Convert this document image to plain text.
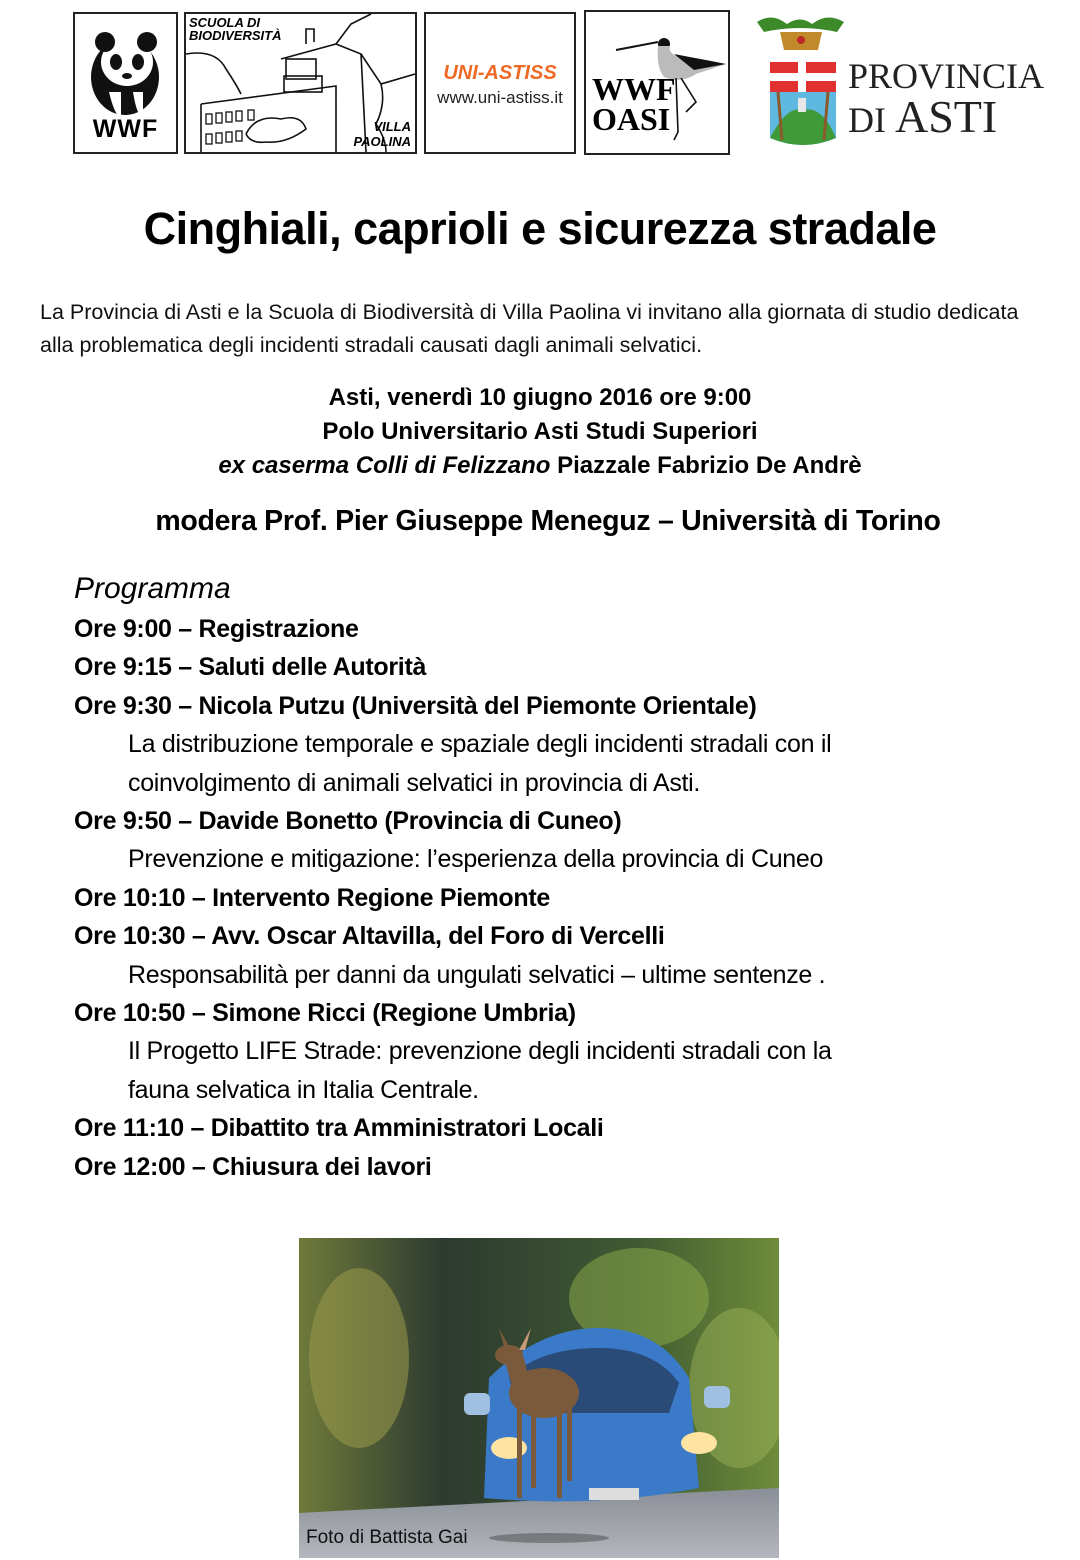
WWF
SCUOLA DI
BIODIVERSITÀ
VILLA
PAOLINA
UNI-ASTISS
www.uni-astiss.it WWF
OASI
PROVINCIA
DI ASTI
Cinghiali, caprioli e sicurezza stradale
La Provincia di Asti e la Scuola di Biodiversità di Villa Paolina vi invitano alla giornata di studio dedicata alla problematica degli incidenti stradali causati dagli animali selvatici.
Asti, venerdì 10 giugno 2016 ore 9:00
Polo Universitario Asti Studi Superiori
ex caserma Colli di Felizzano Piazzale Fabrizio De Andrè
modera Prof. Pier Giuseppe Meneguz – Università di Torino
Programma
Ore 9:00 – Registrazione
Ore 9:15 – Saluti delle Autorità
Ore 9:30 – Nicola Putzu (Università del Piemonte Orientale)
La distribuzione temporale e spaziale degli incidenti stradali con il
coinvolgimento di animali selvatici in provincia di Asti.
Ore 9:50 – Davide Bonetto (Provincia di Cuneo)
Prevenzione e mitigazione: l’esperienza della provincia di Cuneo
Ore 10:10 – Intervento Regione Piemonte
Ore 10:30 – Avv. Oscar Altavilla, del Foro di Vercelli
Responsabilità per danni da ungulati selvatici – ultime sentenze .
Ore 10:50 – Simone Ricci (Regione Umbria)
Il Progetto LIFE Strade: prevenzione degli incidenti stradali con la
fauna selvatica in Italia Centrale.
Ore 11:10 – Dibattito tra Amministratori Locali
Ore 12:00 – Chiusura dei lavori
Foto di Battista Gai
